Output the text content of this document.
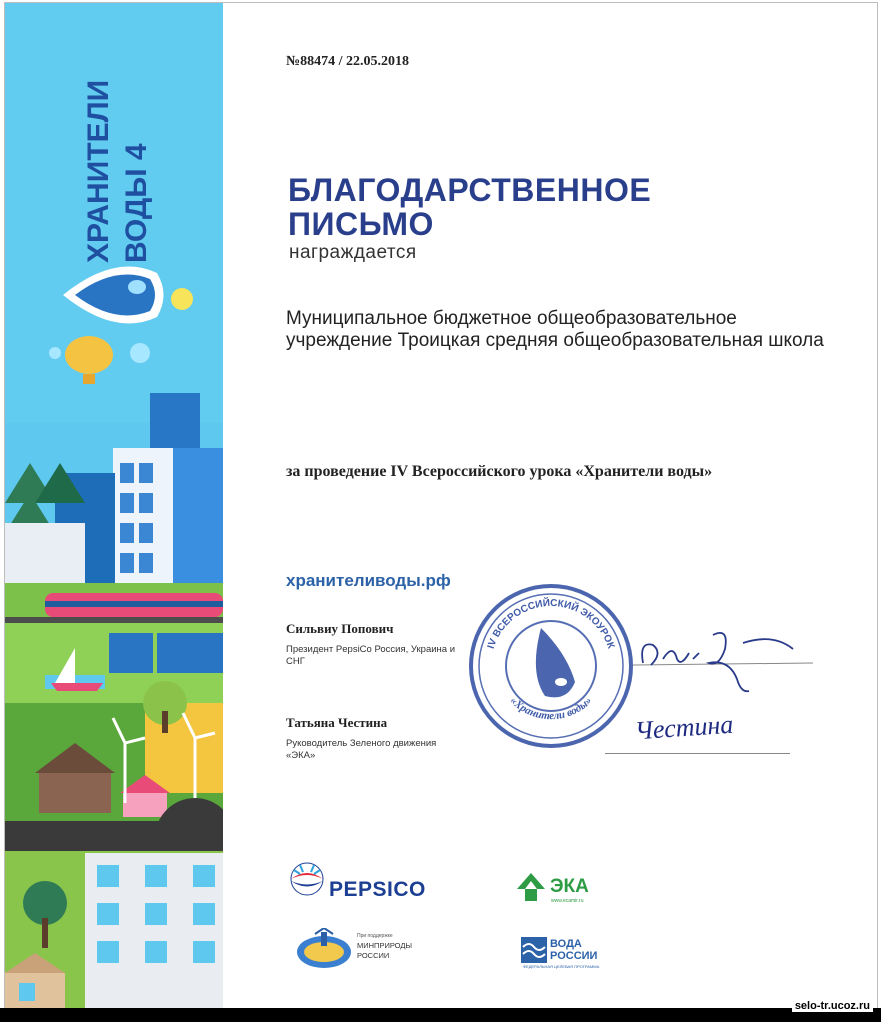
ХРАНИТЕЛИ ВОДЫ 4
№88474 / 22.05.2018
БЛАГОДАРСТВЕННОЕ ПИСЬМО
награждается

Муниципальное бюджетное общеобразовательное учреждение Троицкая средняя общеобразовательная школа

за проведение IV Всероссийского урока «Хранители воды»

хранителиводы.рф
Сильвиу Попович
Президент PepsiCo Россия, Украина и СНГ
Татьяна Честина
Руководитель Зеленого движения «ЭКА»
IV ВСЕРОССИЙСКИЙ ЭКОУРОК
«Хранители воды»
Честина
PEPSICO	ЭКА
www.ecamir.ru
При поддержке
МИНПРИРОДЫ РОССИИ
ВОДА РОССИИ
ФЕДЕРАЛЬНАЯ ЦЕЛЕВАЯ ПРОГРАММА
selo-tr.ucoz.ru
